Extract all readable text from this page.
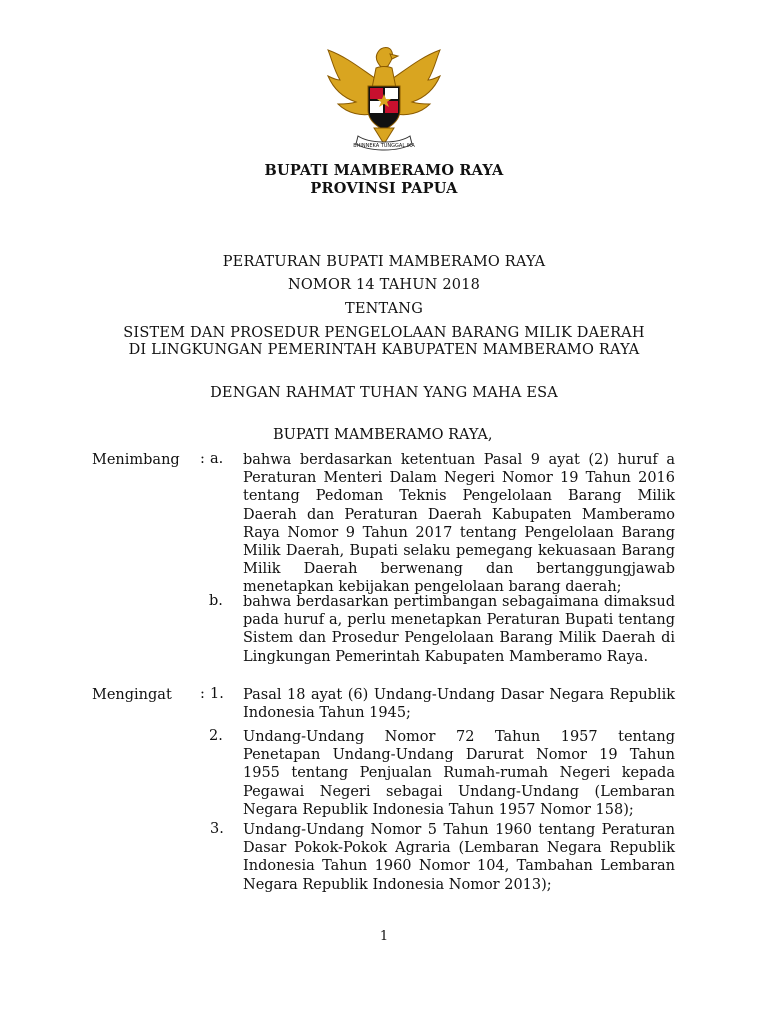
BHINNEKA TUNGGAL IKA
BUPATI MAMBERAMO RAYA
PROVINSI PAPUA
PERATURAN BUPATI MAMBERAMO RAYA
NOMOR 14 TAHUN 2018
TENTANG
SISTEM DAN PROSEDUR PENGELOLAAN BARANG MILIK DAERAH
DI LINGKUNGAN PEMERINTAH KABUPATEN MAMBERAMO RAYA
DENGAN RAHMAT TUHAN YANG MAHA ESA
BUPATI MAMBERAMO RAYA,
Menimbang : a. bahwa berdasarkan ketentuan Pasal 9 ayat (2) huruf a Peraturan Menteri Dalam Negeri Nomor 19 Tahun 2016 tentang Pedoman Teknis Pengelolaan Barang Milik Daerah dan Peraturan Daerah Kabupaten Mamberamo Raya Nomor 9 Tahun 2017 tentang Pengelolaan Barang Milik Daerah, Bupati selaku pemegang kekuasaan Barang Milik Daerah berwenang dan bertanggungjawab menetapkan kebijakan pengelolaan barang daerah;
b. bahwa berdasarkan pertimbangan sebagaimana dimaksud pada huruf a, perlu menetapkan Peraturan Bupati tentang Sistem dan Prosedur Pengelolaan Barang Milik Daerah di Lingkungan Pemerintah Kabupaten Mamberamo Raya.
Mengingat : 1. Pasal 18 ayat (6) Undang-Undang Dasar Negara Republik Indonesia Tahun 1945;
2. Undang-Undang Nomor 72 Tahun 1957 tentang Penetapan Undang-Undang Darurat Nomor 19 Tahun 1955 tentang Penjualan Rumah-rumah Negeri kepada Pegawai Negeri sebagai Undang-Undang (Lembaran Negara Republik Indonesia Tahun 1957 Nomor 158);
3. Undang-Undang Nomor 5 Tahun 1960 tentang Peraturan Dasar Pokok-Pokok Agraria (Lembaran Negara Republik Indonesia Tahun 1960 Nomor 104, Tambahan Lembaran Negara Republik Indonesia Nomor 2013);
1
